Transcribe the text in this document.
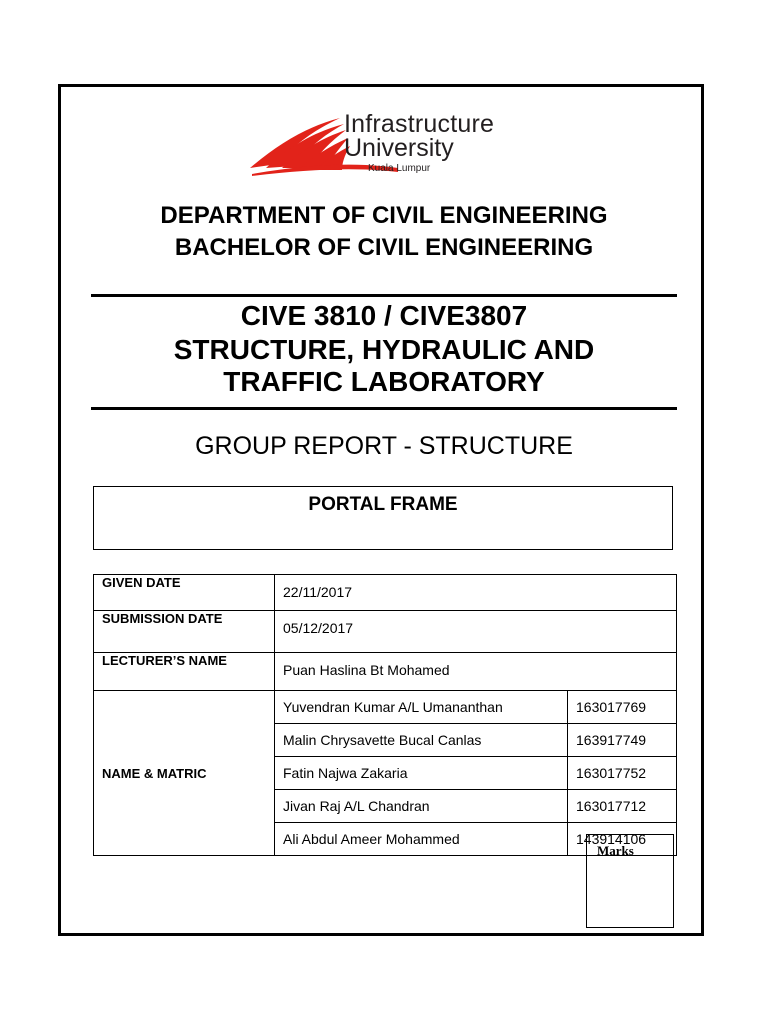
Infrastructure
University
Kuala Lumpur
DEPARTMENT OF CIVIL ENGINEERING
BACHELOR OF CIVIL ENGINEERING
CIVE 3810 / CIVE3807
STRUCTURE, HYDRAULIC AND
TRAFFIC LABORATORY
GROUP REPORT - STRUCTURE
PORTAL FRAME
GIVEN DATE	22/11/2017	
SUBMISSION DATE	05/12/2017	
LECTURER’S NAME	Puan Haslina Bt Mohamed	
NAME & MATRIC	Yuvendran Kumar A/L Umananthan	163017769
	Malin Chrysavette Bucal Canlas	163917749
	Fatin Najwa Zakaria	163017752
	Jivan Raj A/L Chandran	163017712
	Ali Abdul Ameer Mohammed	143914106
Marks
